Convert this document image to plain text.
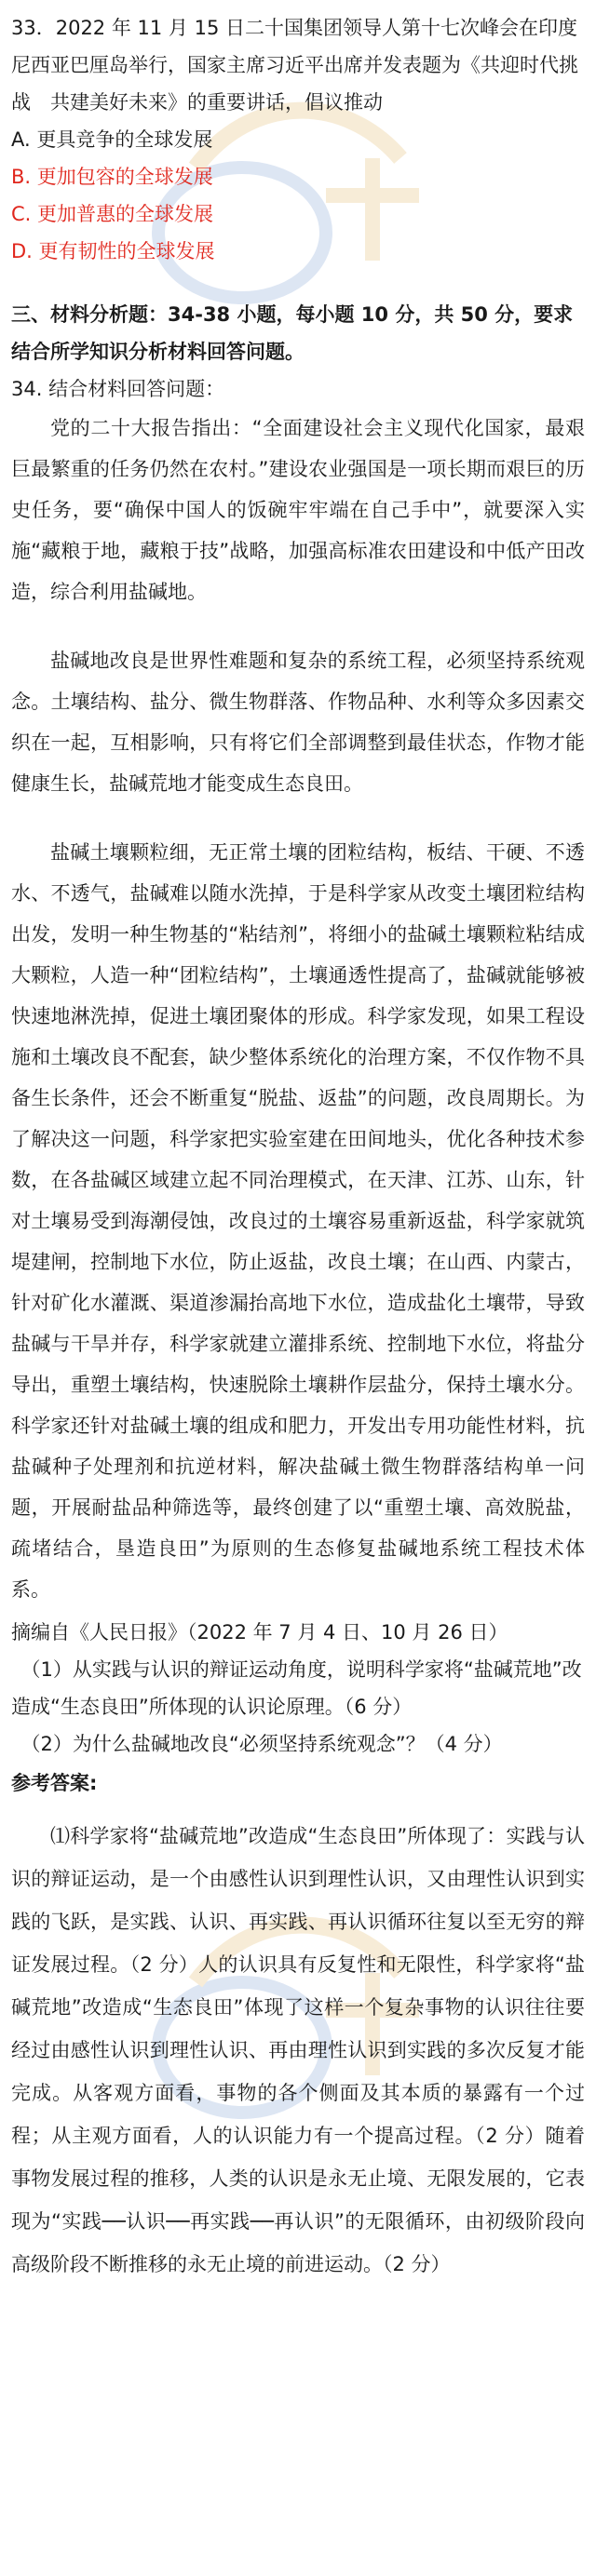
33．2022 年 11 月 15 日二十国集团领导人第十七次峰会在印度尼西亚巴厘岛举行，国家主席习近平出席并发表题为《共迎时代挑战　共建美好未来》的重要讲话，倡议推动

A. 更具竞争的全球发展

B. 更加包容的全球发展

C. 更加普惠的全球发展

D. 更有韧性的全球发展

三、材料分析题：34-38 小题，每小题 10 分，共 50 分，要求结合所学知识分析材料回答问题。

34. 结合材料回答问题：

党的二十大报告指出：“全面建设社会主义现代化国家，最艰巨最繁重的任务仍然在农村。”建设农业强国是一项长期而艰巨的历史任务，要“确保中国人的饭碗牢牢端在自己手中”，就要深入实施“藏粮于地，藏粮于技”战略，加强高标准农田建设和中低产田改造，综合利用盐碱地。

盐碱地改良是世界性难题和复杂的系统工程，必须坚持系统观念。土壤结构、盐分、微生物群落、作物品种、水利等众多因素交织在一起，互相影响，只有将它们全部调整到最佳状态，作物才能健康生长，盐碱荒地才能变成生态良田。

盐碱土壤颗粒细，无正常土壤的团粒结构，板结、干硬、不透水、不透气，盐碱难以随水洗掉，于是科学家从改变土壤团粒结构出发，发明一种生物基的“粘结剂”，将细小的盐碱土壤颗粒粘结成大颗粒，人造一种“团粒结构”，土壤通透性提高了，盐碱就能够被快速地淋洗掉，促进土壤团聚体的形成。科学家发现，如果工程设施和土壤改良不配套，缺少整体系统化的治理方案，不仅作物不具备生长条件，还会不断重复“脱盐、返盐”的问题，改良周期长。为了解决这一问题，科学家把实验室建在田间地头，优化各种技术参数，在各盐碱区域建立起不同治理模式，在天津、江苏、山东，针对土壤易受到海潮侵蚀，改良过的土壤容易重新返盐，科学家就筑堤建闸，控制地下水位，防止返盐，改良土壤；在山西、内蒙古，针对矿化水灌溉、渠道渗漏抬高地下水位，造成盐化土壤带，导致盐碱与干旱并存，科学家就建立灌排系统、控制地下水位，将盐分导出，重塑土壤结构，快速脱除土壤耕作层盐分，保持土壤水分。科学家还针对盐碱土壤的组成和肥力，开发出专用功能性材料，抗盐碱种子处理剂和抗逆材料，解决盐碱土微生物群落结构单一问题，开展耐盐品种筛选等，最终创建了以“重塑土壤、高效脱盐，疏堵结合，垦造良田”为原则的生态修复盐碱地系统工程技术体系。

摘编自《人民日报》（2022 年 7 月 4 日、10 月 26 日）

（1）从实践与认识的辩证运动角度，说明科学家将“盐碱荒地”改造成“生态良田”所体现的认识论原理。（6 分）

（2）为什么盐碱地改良“必须坚持系统观念”？（4 分）

参考答案:

⑴科学家将“盐碱荒地”改造成“生态良田”所体现了：实践与认识的辩证运动，是一个由感性认识到理性认识，又由理性认识到实践的飞跃，是实践、认识、再实践、再认识循环往复以至无穷的辩证发展过程。（2 分）人的认识具有反复性和无限性，科学家将“盐碱荒地”改造成“生态良田”体现了这样一个复杂事物的认识往往要经过由感性认识到理性认识、再由理性认识到实践的多次反复才能完成。从客观方面看，事物的各个侧面及其本质的暴露有一个过程；从主观方面看，人的认识能力有一个提高过程。（2 分）随着事物发展过程的推移，人类的认识是永无止境、无限发展的，它表现为“实践──认识──再实践──再认识”的无限循环，由初级阶段向高级阶段不断推移的永无止境的前进运动。（2 分）
